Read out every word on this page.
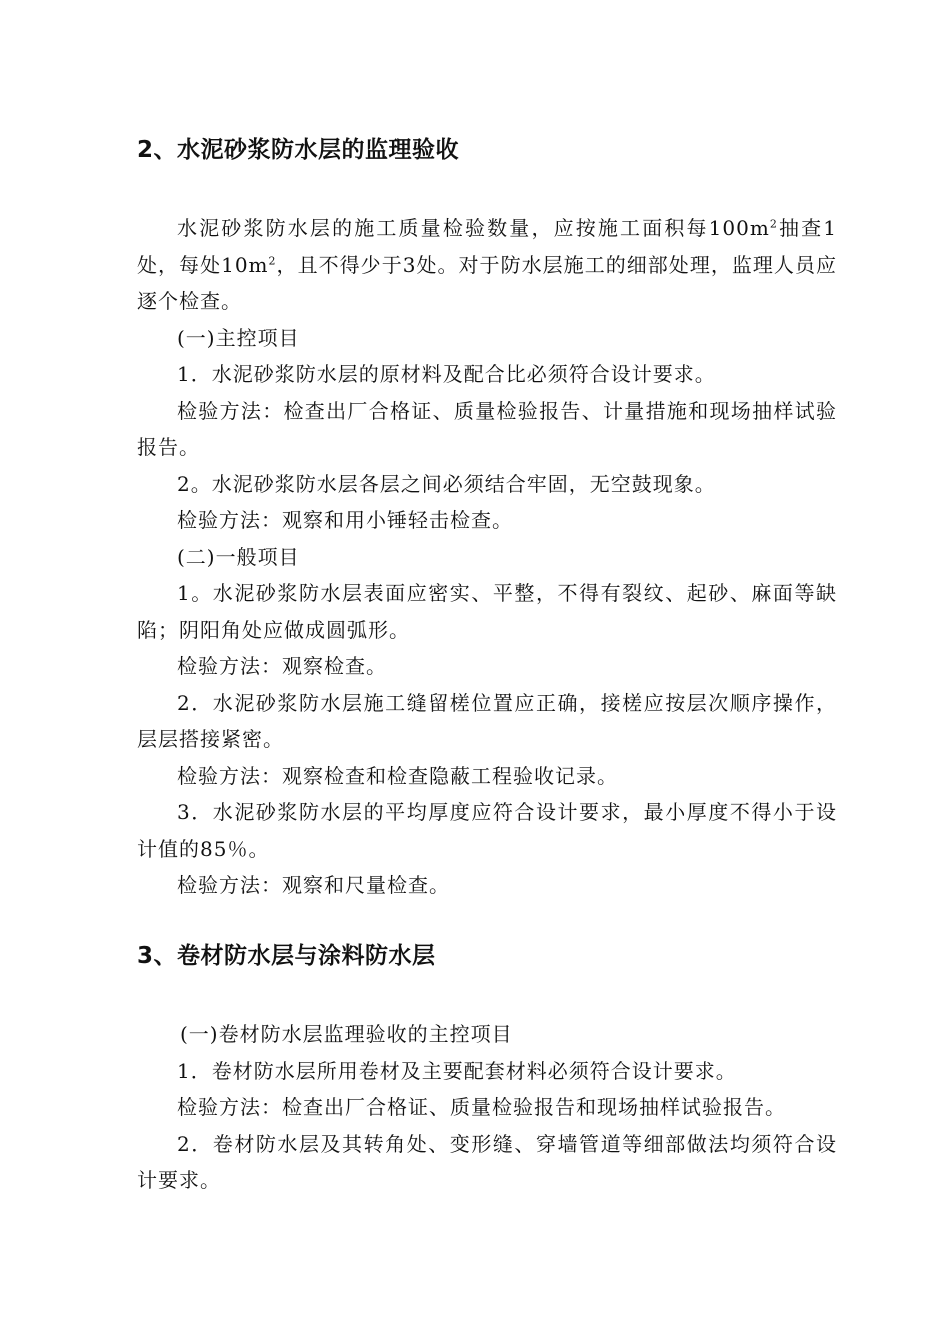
2、水泥砂浆防水层的监理验收

水泥砂浆防水层的施工质量检验数量，应按施工面积每$100m^2$抽查1处，每处$10m^2$，且不得少于3处。对于防水层施工的细部处理，监理人员应逐个检查。

(一)主控项目

1．水泥砂浆防水层的原材料及配合比必须符合设计要求。

检验方法：检查出厂合格证、质量检验报告、计量措施和现场抽样试验报告。

2。水泥砂浆防水层各层之间必须结合牢固，无空鼓现象。

检验方法：观察和用小锤轻击检查。

(二)一般项目

1。水泥砂浆防水层表面应密实、平整，不得有裂纹、起砂、麻面等缺陷；阴阳角处应做成圆弧形。

检验方法：观察检查。

2．水泥砂浆防水层施工缝留槎位置应正确，接槎应按层次顺序操作，层层搭接紧密。

检验方法：观察检查和检查隐蔽工程验收记录。

3．水泥砂浆防水层的平均厚度应符合设计要求，最小厚度不得小于设计值的85％。

检验方法：观察和尺量检查。

3、卷材防水层与涂料防水层

(一)卷材防水层监理验收的主控项目

1．卷材防水层所用卷材及主要配套材料必须符合设计要求。

检验方法：检查出厂合格证、质量检验报告和现场抽样试验报告。

2．卷材防水层及其转角处、变形缝、穿墙管道等细部做法均须符合设计要求。
